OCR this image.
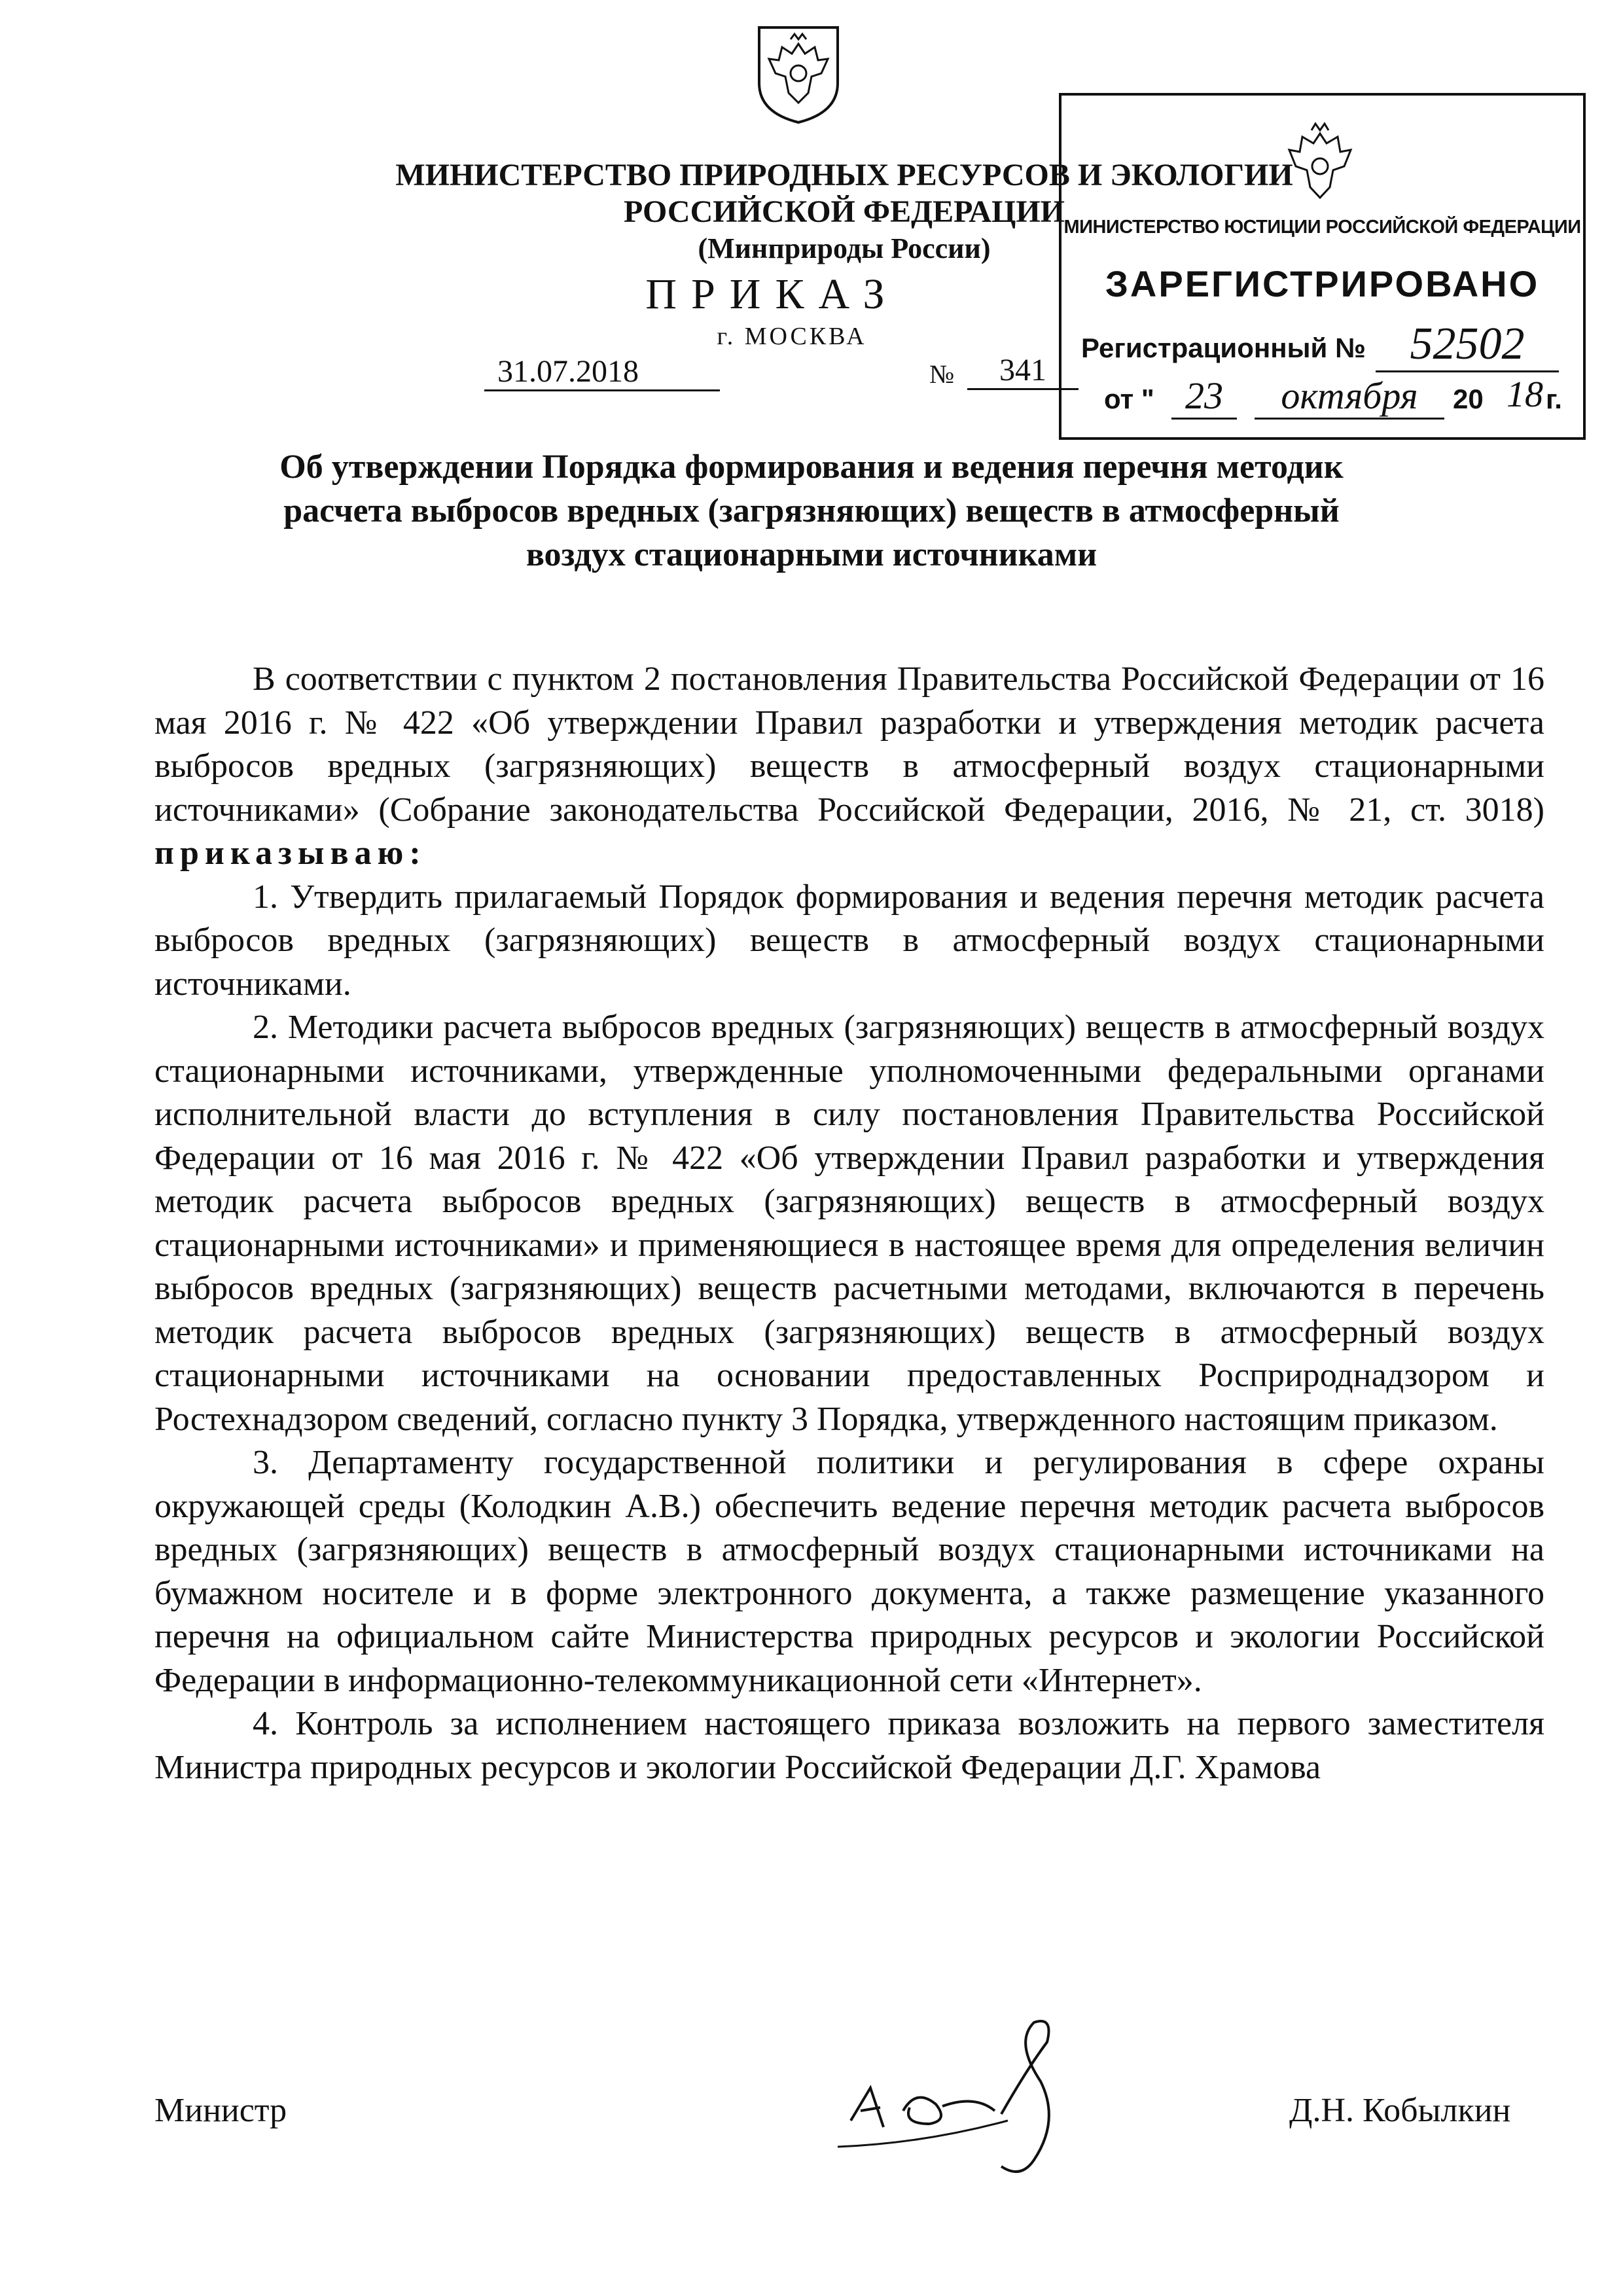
МИНИСТЕРСТВО ПРИРОДНЫХ РЕСУРСОВ И ЭКОЛОГИИ
РОССИЙСКОЙ ФЕДЕРАЦИИ
(Минприроды России)
ПРИКАЗ
г. МОСКВА
31.07.2018	№	341
МИНИСТЕРСТВО ЮСТИЦИИ РОССИЙСКОЙ ФЕДЕРАЦИИ
ЗАРЕГИСТРИРОВАНО
Регистрационный № 52502
от " 23	октября	20 18 г.
Об утверждении Порядка формирования и ведения перечня методик
расчета выбросов вредных (загрязняющих) веществ в атмосферный
воздух стационарными источниками

В соответствии с пунктом 2 постановления Правительства Российской Федерации от 16 мая 2016 г. № 422 «Об утверждении Правил разработки и утверждения методик расчета выбросов вредных (загрязняющих) веществ в атмосферный воздух стационарными источниками» (Собрание законодательства Российской Федерации, 2016, № 21, ст. 3018) приказываю:

1. Утвердить прилагаемый Порядок формирования и ведения перечня методик расчета выбросов вредных (загрязняющих) веществ в атмосферный воздух стационарными источниками.

2. Методики расчета выбросов вредных (загрязняющих) веществ в атмосферный воздух стационарными источниками, утвержденные уполномоченными федеральными органами исполнительной власти до вступления в силу постановления Правительства Российской Федерации от 16 мая 2016 г. № 422 «Об утверждении Правил разработки и утверждения методик расчета выбросов вредных (загрязняющих) веществ в атмосферный воздух стационарными источниками» и применяющиеся в настоящее время для определения величин выбросов вредных (загрязняющих) веществ расчетными методами, включаются в перечень методик расчета выбросов вредных (загрязняющих) веществ в атмосферный воздух стационарными источниками на основании предоставленных Росприроднадзором и Ростехнадзором сведений, согласно пункту 3 Порядка, утвержденного настоящим приказом.

3. Департаменту государственной политики и регулирования в сфере охраны окружающей среды (Колодкин А.В.) обеспечить ведение перечня методик расчета выбросов вредных (загрязняющих) веществ в атмосферный воздух стационарными источниками на бумажном носителе и в форме электронного документа, а также размещение указанного перечня на официальном сайте Министерства природных ресурсов и экологии Российской Федерации в информационно-телекоммуникационной сети «Интернет».

4. Контроль за исполнением настоящего приказа возложить на первого заместителя Министра природных ресурсов и экологии Российской Федерации Д.Г. Храмова

Министр	Д.Н. Кобылкин
